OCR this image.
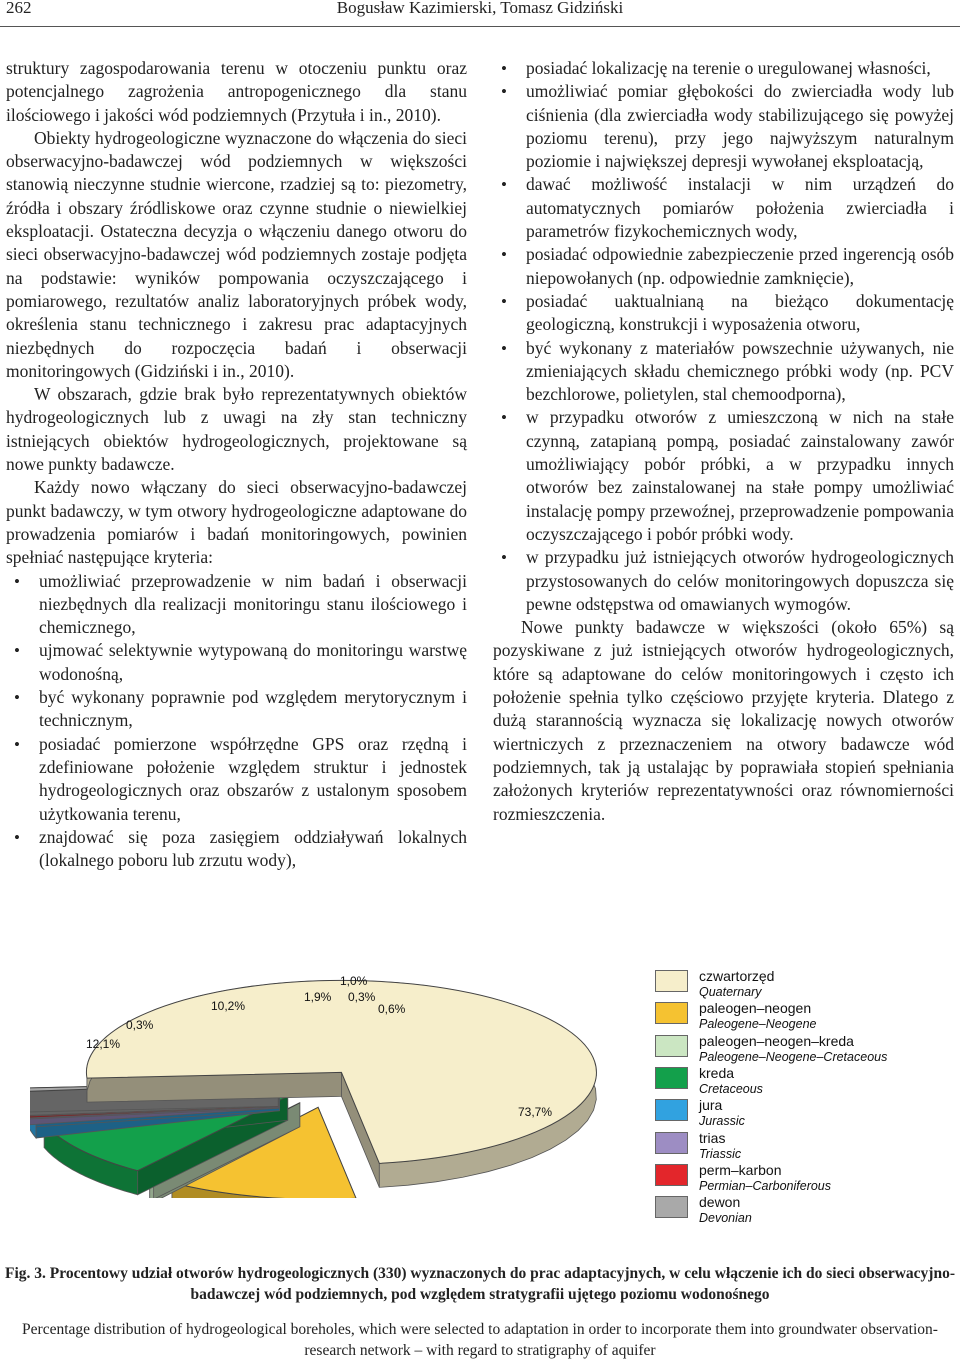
262	Bogusław Kazimierski, Tomasz Gidziński

struktury zagospodarowania terenu w otoczeniu punktu oraz potencjalnego zagrożenia antropogenicznego dla stanu ilościowego i jakości wód podziemnych (Przytuła i in., 2010).

Obiekty hydrogeologiczne wyznaczone do włączenia do sieci obserwacyjno-badawczej wód podziemnych w większości stanowią nieczynne studnie wiercone, rzadziej są to: piezometry, źródła i obszary źródliskowe oraz czynne studnie o niewielkiej eksploatacji. Ostateczna decyzja o włączeniu danego otworu do sieci obserwacyjno-badawczej wód podziemnych zostaje podjęta na podstawie: wyników pompowania oczyszczającego i pomiarowego, rezultatów analiz laboratoryjnych próbek wody, określenia stanu technicznego i zakresu prac adaptacyjnych niezbędnych do rozpoczęcia badań i obserwacji monitoringowych (Gidziński i in., 2010).

W obszarach, gdzie brak było reprezentatywnych obiektów hydrogeologicznych lub z uwagi na zły stan techniczny istniejących obiektów hydrogeologicznych, projektowane są nowe punkty badawcze.

Każdy nowo włączany do sieci obserwacyjno-badawczej punkt badawczy, w tym otwory hydrogeologiczne adaptowane do prowadzenia pomiarów i badań monitoringowych, powinien spełniać następujące kryteria:

• umożliwiać przeprowadzenie w nim badań i obserwacji niezbędnych dla realizacji monitoringu stanu ilościowego i chemicznego,
• ujmować selektywnie wytypowaną do monitoringu warstwę wodonośną,
• być wykonany poprawnie pod względem merytorycznym i technicznym,
• posiadać pomierzone współrzędne GPS oraz rzędną i zdefiniowane położenie względem struktur i jednostek hydrogeologicznych oraz obszarów z ustalonym sposobem użytkowania terenu,
• znajdować się poza zasięgiem oddziaływań lokalnych (lokalnego poboru lub zrzutu wody),
• posiadać lokalizację na terenie o uregulowanej własności,
• umożliwiać pomiar głębokości do zwierciadła wody lub ciśnienia (dla zwierciadła wody stabilizującego się powyżej poziomu terenu), przy jego najwyższym naturalnym poziomie i największej depresji wywołanej eksploatacją,
• dawać możliwość instalacji w nim urządzeń do automatycznych pomiarów położenia zwierciadła i parametrów fizykochemicznych wody,
• posiadać odpowiednie zabezpieczenie przed ingerencją osób niepowołanych (np. odpowiednie zamknięcie),
• posiadać uaktualnianą na bieżąco dokumentację geologiczną, konstrukcji i wyposażenia otworu,
• być wykonany z materiałów powszechnie używanych, nie zmieniających składu chemicznego próbki wody (np. PCV bezchlorowe, polietylen, stal chemoodporna),
• w przypadku otworów z umieszczoną w nich na stałe czynną, zatapianą pompą, posiadać zainstalowany zawór umożliwiający pobór próbki, a w przypadku innych otworów bez zainstalowanej na stałe pompy umożliwiać instalację pompy przewoźnej, przeprowadzenie pompowania oczyszczającego i pobór próbki wody.
• w przypadku już istniejących otworów hydrogeologicznych przystosowanych do celów monitoringowych dopuszcza się pewne odstępstwa od omawianych wymogów.

Nowe punkty badawcze w większości (około 65%) są pozyskiwane z już istniejących otworów hydrogeologicznych, które są adaptowane do celów monitoringowych i często ich położenie spełnia tylko częściowo przyjęte kryteria. Dlatego z dużą starannością wyznacza się lokalizację nowych otworów wiertniczych z przeznaczeniem na otwory badawcze wód podziemnych, tak ją ustalając by poprawiała stopień spełniania założonych kryteriów reprezentatywności oraz równomierności rozmieszczenia.

73,7%
12,1%
0,3%
10,2%
1,9%
1,0%
0,3%
0,6%
czwartorzęd
Quaternary
paleogen–neogen
Paleogene–Neogene
paleogen–neogen–kreda
Paleogene–Neogene–Cretaceous
kreda
Cretaceous
jura
Jurassic
trias
Triassic
perm–karbon
Permian–Carboniferous
dewon
Devonian
Fig. 3. Procentowy udział otworów hydrogeologicznych (330) wyznaczonych do prac adaptacyjnych, w celu włączenie ich do sieci obserwacyjno-badawczej wód podziemnych, pod względem stratygrafii ujętego poziomu wodonośnego
Percentage distribution of hydrogeological boreholes, which were selected to adaptation in order to incorporate them into groundwater observation-research network – with regard to stratigraphy of aquifer
